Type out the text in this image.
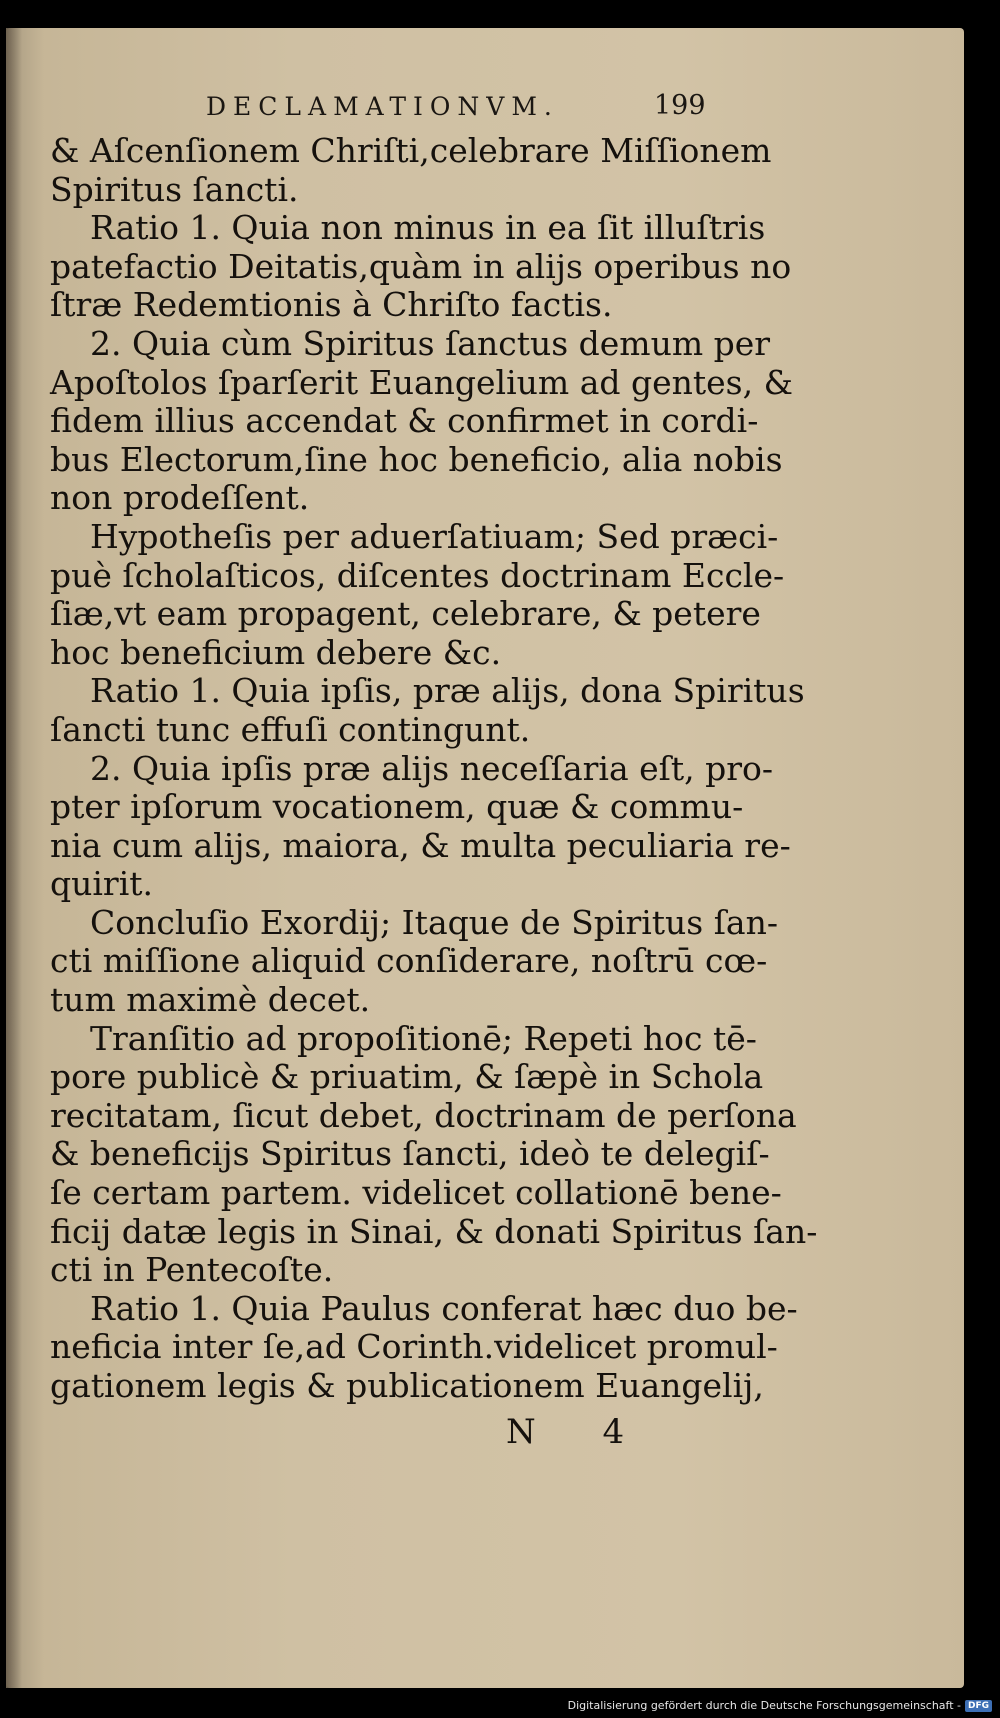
DECLAMATIONVM.	199
& Aſcenſionem Chriſti,celebrare Miſſionem
Spiritus ſancti.
Ratio 1. Quia non minus in ea ſit illuſtris
patefactio Deitatis,quàm in alijs operibus no
ſtræ Redemtionis à Chriſto factis.
2. Quia cùm Spiritus ſanctus demum per
Apoſtolos ſparſerit Euangelium ad gentes, &
fidem illius accendat & confirmet in cordi-
bus Electorum,ſine hoc beneficio, alia nobis
non prodeſſent.
Hypotheſis per aduerſatiuam; Sed præci-
puè ſcholaſticos, diſcentes doctrinam Eccle-
ſiæ,vt eam propagent, celebrare, & petere
hoc beneficium debere &c.
Ratio 1. Quia ipſis, præ alijs, dona Spiritus
ſancti tunc effuſi contingunt.
2. Quia ipſis præ alijs neceſſaria eſt, pro-
pter ipſorum vocationem, quæ & commu-
nia cum alijs, maiora, & multa peculiaria re-
quirit.
Concluſio Exordij; Itaque de Spiritus ſan-
cti miſſione aliquid conſiderare, noſtrū cœ-
tum maximè decet.
Tranſitio ad propoſitionē; Repeti hoc tē-
pore publicè & priuatim, & ſæpè in Schola
recitatam, ſicut debet, doctrinam de perſona
& beneficijs Spiritus ſancti, ideò te delegiſ-
ſe certam partem. videlicet collationē bene-
ficij datæ legis in Sinai, & donati Spiritus ſan-
cti in Pentecoſte.
Ratio 1. Quia Paulus conferat hæc duo be-
neficia inter ſe,ad Corinth.videlicet promul-
gationem legis & publicationem Euangelij,
N 4
Digitalisierung gefördert durch die Deutsche Forschungsgemeinschaft - DFG
